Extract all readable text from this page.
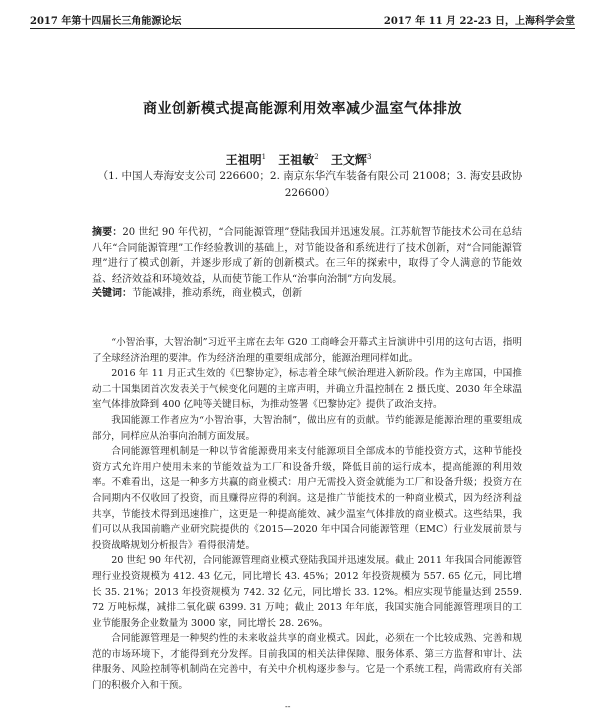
2017 年第十四届长三角能源论坛	2017 年 11 月 22-23 日，上海科学会堂
商业创新模式提高能源利用效率减少温室气体排放
王祖明$^1$ 王祖敏$^2$ 王文辉$^3$
（1. 中国人寿海安支公司 226600；2. 南京东华汽车装备有限公司 21008；3. 海安县政协 226600）
摘要：20 世纪 90 年代初，“合同能源管理”登陆我国并迅速发展。江苏航智节能技术公司在总结八年“合同能源管理”工作经验教训的基础上，对节能设备和系统进行了技术创新，对“合同能源管理”进行了模式创新，并逐步形成了新的创新模式。在三年的探索中，取得了令人满意的节能效益、经济效益和环境效益，从而使节能工作从“治事向治制”方向发展。
关键词：节能减排，推动系统，商业模式，创新

“小智治事，大智治制”习近平主席在去年 G20 工商峰会开幕式主旨演讲中引用的这句古语，指明了全球经济治理的要津。作为经济治理的重要组成部分，能源治理同样如此。

2016 年 11 月正式生效的《巴黎协定》，标志着全球气候治理进入新阶段。作为主席国，中国推动二十国集团首次发表关于气候变化问题的主席声明，并确立升温控制在 2 摄氏度、2030 年全球温室气体排放降到 400 亿吨等关键目标，为推动签署《巴黎协定》提供了政治支持。

我国能源工作者应为“小智治事，大智治制”，做出应有的贡献。节约能源是能源治理的重要组成部分，同样应从治事向治制方面发展。

合同能源管理机制是一种以节省能源费用来支付能源项目全部成本的节能投资方式，这种节能投资方式允许用户使用未来的节能效益为工厂和设备升级，降低目前的运行成本，提高能源的利用效率。不难看出，这是一种多方共赢的商业模式：用户无需投入资金就能为工厂和设备升级；投资方在合同期内不仅收回了投资，而且赚得应得的利润。这是推广节能技术的一种商业模式，因为经济利益共享，节能技术得到迅速推广，这更是一种提高能效、减少温室气体排放的商业模式。这些结果，我们可以从我国前瞻产业研究院提供的《2015—2020 年中国合同能源管理（EMC）行业发展前景与投资战略规划分析报告》看得很清楚。

20 世纪 90 年代初，合同能源管理商业模式登陆我国并迅速发展。截止 2011 年我国合同能源管理行业投资规模为 412. 43 亿元，同比增长 43. 45%；2012 年投资规模为 557. 65 亿元，同比增长 35. 21%；2013 年投资规模为 742. 32 亿元，同比增长 33. 12%。相应实现节能量达到 2559. 72 万吨标煤，减排二氧化碳 6399. 31 万吨；截止 2013 年年底，我国实施合同能源管理项目的工业节能服务企业数量为 3000 家，同比增长 28. 26%。

合同能源管理是一种契约性的未来收益共享的商业模式。因此，必须在一个比较成熟、完善和规范的市场环境下，才能得到充分发挥。目前我国的相关法律保障、服务体系、第三方监督和审计、法律服务、风险控制等机制尚在完善中，有关中介机构逐步参与。它是一个系统工程，尚需政府有关部门的积极介入和干预。

--
